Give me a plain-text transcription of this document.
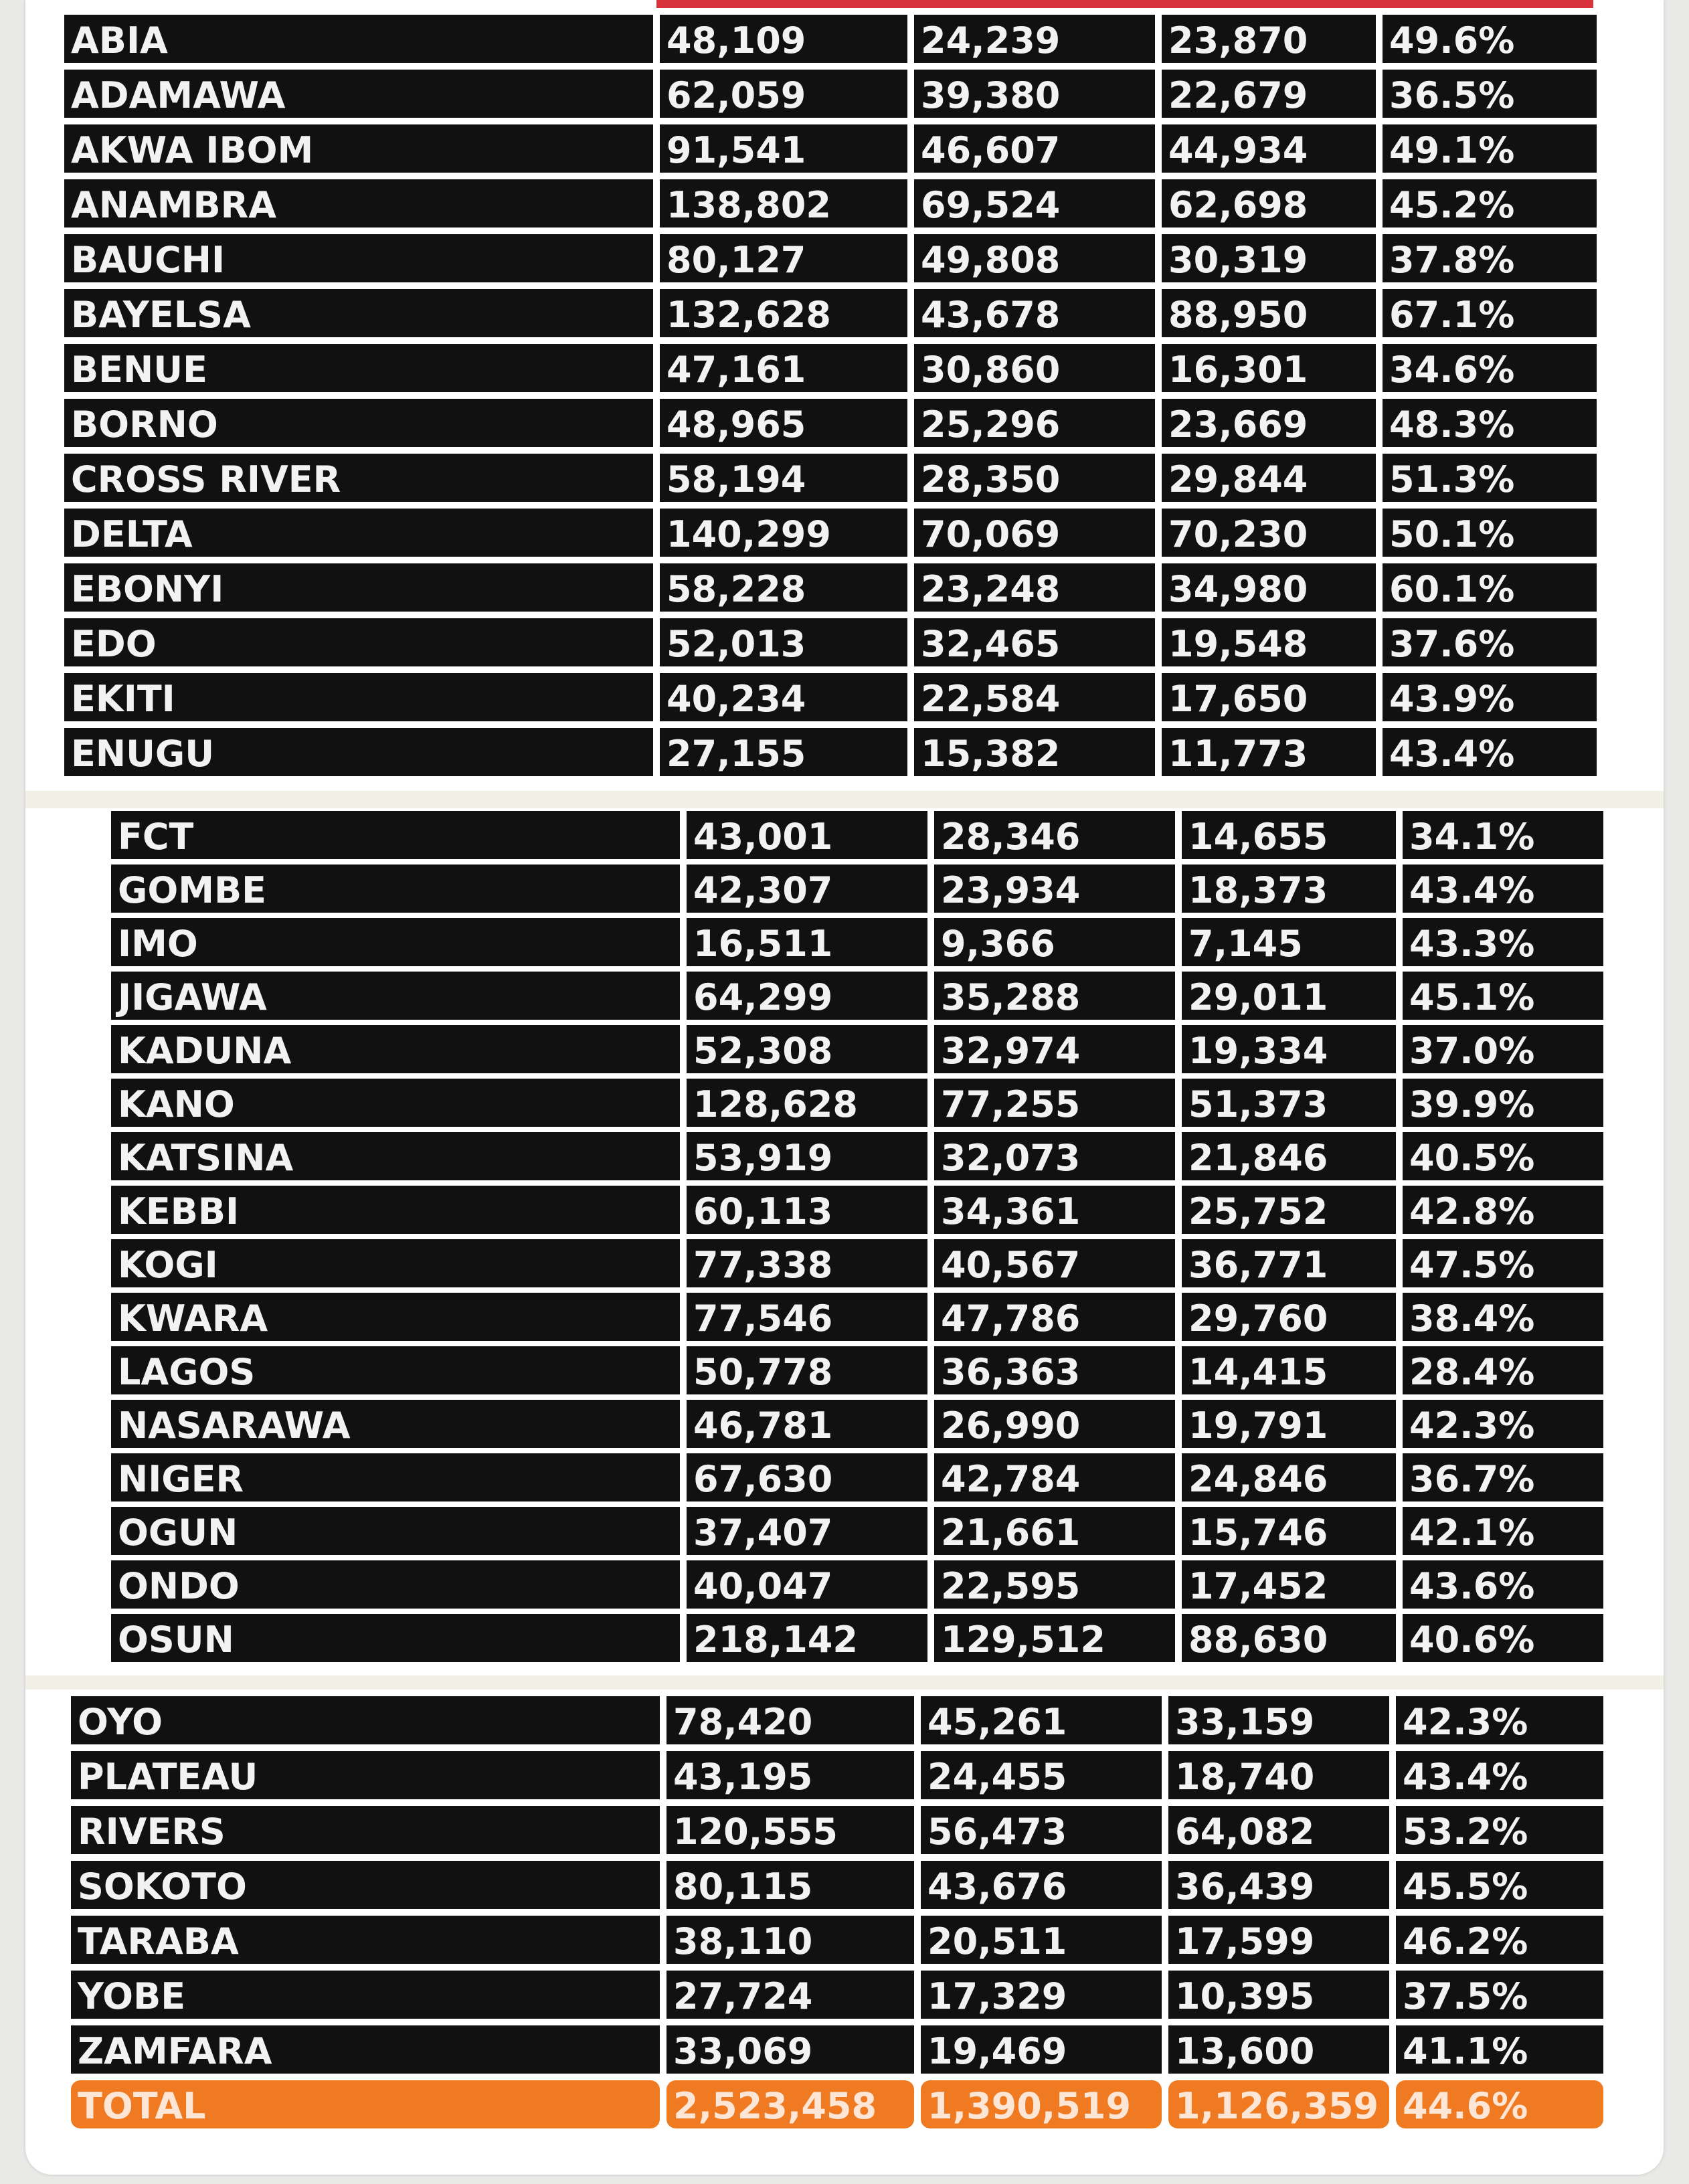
ABIA	48,109	24,239	23,870	49.6%
ADAMAWA	62,059	39,380	22,679	36.5%
AKWA IBOM	91,541	46,607	44,934	49.1%
ANAMBRA	138,802	69,524	62,698	45.2%
BAUCHI	80,127	49,808	30,319	37.8%
BAYELSA	132,628	43,678	88,950	67.1%
BENUE	47,161	30,860	16,301	34.6%
BORNO	48,965	25,296	23,669	48.3%
CROSS RIVER	58,194	28,350	29,844	51.3%
DELTA	140,299	70,069	70,230	50.1%
EBONYI	58,228	23,248	34,980	60.1%
EDO	52,013	32,465	19,548	37.6%
EKITI	40,234	22,584	17,650	43.9%
ENUGU	27,155	15,382	11,773	43.4%
FCT	43,001	28,346	14,655	34.1%
GOMBE	42,307	23,934	18,373	43.4%
IMO	16,511	9,366	7,145	43.3%
JIGAWA	64,299	35,288	29,011	45.1%
KADUNA	52,308	32,974	19,334	37.0%
KANO	128,628	77,255	51,373	39.9%
KATSINA	53,919	32,073	21,846	40.5%
KEBBI	60,113	34,361	25,752	42.8%
KOGI	77,338	40,567	36,771	47.5%
KWARA	77,546	47,786	29,760	38.4%
LAGOS	50,778	36,363	14,415	28.4%
NASARAWA	46,781	26,990	19,791	42.3%
NIGER	67,630	42,784	24,846	36.7%
OGUN	37,407	21,661	15,746	42.1%
ONDO	40,047	22,595	17,452	43.6%
OSUN	218,142	129,512	88,630	40.6%
OYO	78,420	45,261	33,159	42.3%
PLATEAU	43,195	24,455	18,740	43.4%
RIVERS	120,555	56,473	64,082	53.2%
SOKOTO	80,115	43,676	36,439	45.5%
TARABA	38,110	20,511	17,599	46.2%
YOBE	27,724	17,329	10,395	37.5%
ZAMFARA	33,069	19,469	13,600	41.1%
TOTAL	2,523,458	1,390,519	1,126,359 44.6%
